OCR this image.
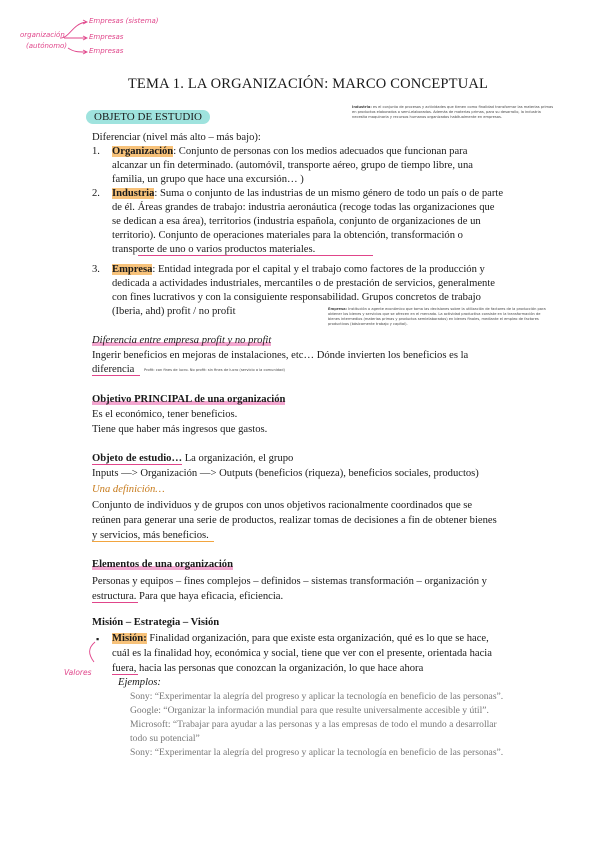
organización
(autónomo)
Empresas (sistema)
Empresas
Empresas
TEMA 1. LA ORGANIZACIÓN: MARCO CONCEPTUAL
OBJETO DE ESTUDIO
Industria: es el conjunto de procesos y actividades que tienen como finalidad transformar las materias primas
en productos elaborados o semi-elaborados. Además de materias primas, para su desarrollo, la industria
necesita maquinaria y recursos humanos organizados habitualmente en empresas.
Diferenciar (nivel más alto – más bajo):
1. Organización: Conjunto de personas con los medios adecuados que funcionan para
alcanzar un fin determinado. (automóvil, transporte aéreo, grupo de tiempo libre, una
familia, un grupo que hace una excursión… )
2. Industria: Suma o conjunto de las industrias de un mismo género de todo un país o de parte
de él. Áreas grandes de trabajo: industria aeronáutica (recoge todas las organizaciones que
se dedican a esa área), territorios (industria española, conjunto de organizaciones de un
territorio). Conjunto de operaciones materiales para la obtención, transformación o
transporte de uno o varios productos materiales.
3. Empresa: Entidad integrada por el capital y el trabajo como factores de la producción y
dedicada a actividades industriales, mercantiles o de prestación de servicios, generalmente
con fines lucrativos y con la consiguiente responsabilidad. Grupos concretos de trabajo
(Iberia, ahd) profit / no profit	Empresa: Institución o agente económico que toma las decisiones sobre la utilización de factores de la producción para
obtener los bienes y servicios que se ofrecen en el mercado. La actividad productiva consiste en la transformación de
bienes intermedios (materias primas y productos semielaborados) en bienes finales, mediante el empleo de factores
productivos (básicamente trabajo y capital).
Diferencia entre empresa profit y no profit
Ingerir beneficios en mejoras de instalaciones, etc… Dónde invierten los beneficios es la
diferencia	Profit: con fines de lucro. No profit: sin fines de lucro (servicio a la comunidad)
Objetivo PRINCIPAL de una organización
Es el económico, tener beneficios.
Tiene que haber más ingresos que gastos.
Objeto de estudio… La organización, el grupo
Inputs —> Organización —> Outputs (beneficios (riqueza), beneficios sociales, productos)
Una definición…
Conjunto de individuos y de grupos con unos objetivos racionalmente coordinados que se
reúnen para generar una serie de productos, realizar tomas de decisiones a fin de obtener bienes
y servicios, más beneficios.
Elementos de una organización
Personas y equipos – fines complejos – definidos – sistemas transformación – organización y
estructura. Para que haya eficacia, eficiencia.
Misión – Estrategia – Visión
▪ Misión: Finalidad organización, para que existe esta organización, qué es lo que se hace,
cuál es la finalidad hoy, económica y social, tiene que ver con el presente, orientada hacia
fuera, hacia las personas que conozcan la organización, lo que hace ahora
Valores
Ejemplos:
Sony: “Experimentar la alegría del progreso y aplicar la tecnología en beneficio de las personas”.
Google: “Organizar la información mundial para que resulte universalmente accesible y útil”.
Microsoft: “Trabajar para ayudar a las personas y a las empresas de todo el mundo a desarrollar
todo su potencial”
Sony: “Experimentar la alegría del progreso y aplicar la tecnología en beneficio de las personas”.
